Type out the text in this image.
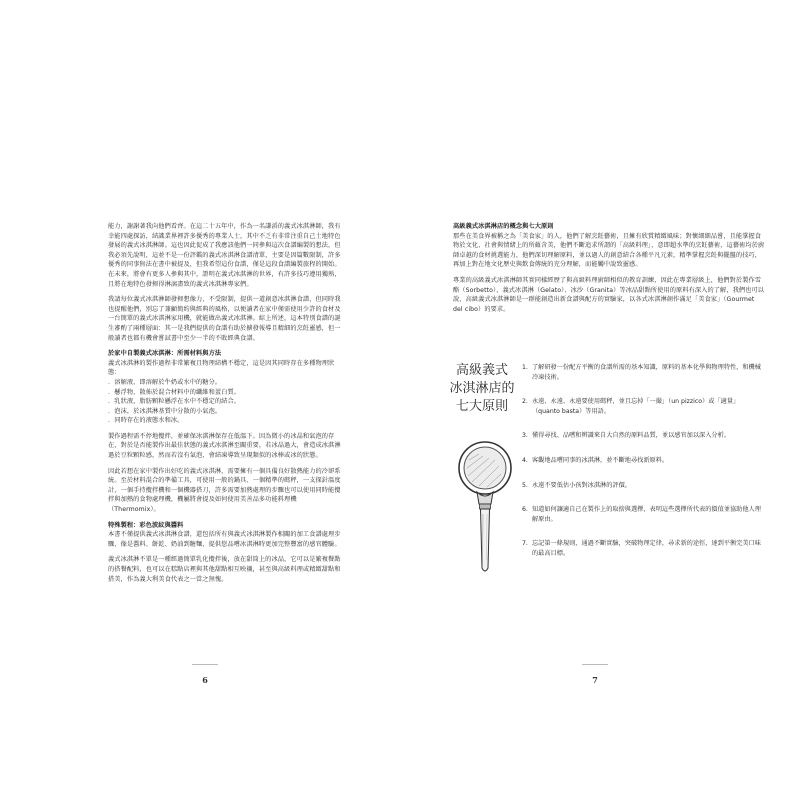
能力，謝謝著我向他們看齊。在這二十五年中，作為一名謙滔的義式冰淇淋師，我有幸能四處探訪，結識業界裡許多優秀的專業人士，其中不乏有非常注重自己土地特色發展的義式冰淇淋師。這也因此促成了我應該他們一同參與這次食譜編製的想法，但我必須先說明，這並不是一份評鑑的義式冰淇淋食譜清單，主要是因篇數限制，許多優秀的同事無法在書中被提及，但我希望這份食譜，僅是這段食譜編製旅程的開始。在未來，將會有更多人參與其中，證明在義式冰淇淋的世界，有許多技巧遵用獨熟，且將在地特色發揮得淋漓盡致的義式冰淇淋專家們。

我請每位義式冰淇淋師發揮想像力，不受限制，提供一道創意冰淇淋食譜，但同時我也提醒他們，別忘了兼顧簡約與經典的風格，以便讀者在家中僅需使用少許的食材及一台簡單的義式冰淇淋家用機，就能做出義式冰淇淋。綜上所述，這本特別食譜的誕生審酌了兩種層面：其一是我們提供的食譜有助於擴發報導且精細的烹飪靈感，但一般讀者也都有機會嘗試書中至少一半的不敗經典食譜。

於家中自製義式冰淇淋：所需材料與方法
義式冰淇淋的製作過程非常繁複且物理結構不穩定，這是因其同時存在多種物理狀態：
．溶解液，即溶解於牛奶或水中的糖分。
．懸浮物，散佈於混合材料中的纖維和蛋白質。
．乳狀液，脂肪顆粒懸浮在水中不穩定的結合。
．泡沫，於冰淇淋基質中分散的小氣泡。
．同時存在的液態水和冰。

製作過程需不停地攪拌，並確保冰淇淋保存在低溫下。因為微小的冰晶和氣泡的存在，對於是否能製作出最佳狀態的義式冰淇淋至關重要，若冰晶過大，會造成冰淇淋過於豆粒顆粒感，然而若沒有氣泡，會結凍導致呈現類似的冰棒或冰的狀態。

因此若想在家中製作出好吃的義式冰淇淋，需要擁有一個具備良好散熱能力的冷卻系統。至於材料混合的準備工具，可使用一般的鍋具、一個精準的碼秤，一支探針溫度計，一個手持攪拌機和一個機器搭刀，許多需要加熱處理的步驟也可以使用同時能攪拌與加熱的食物處理機，機屬將會提及如何使用美善品多功能料理機（Thermomix）。

特殊製程：彩色波紋與醬料

本書不僅提供義式冰淇淋食譜，還包括所有與義式冰淇淋製作相關的加工食譜處理步驟，像是醬料、餅乾、奶油到糖麵，提供您品嚐冰淇淋時更加完整豐富的感官體驗。

義式冰淇淋不單是一種經過簡單乳化攪拌後，放在甜筒上的冰品，它可以是繁複餐點的搭餐配料，也可以在糕點店裡與其他甜點相互映襯，甚至與高級料理或精緻甜點和搭美，作為義大利美食代表之一當之無愧。

6
高級義式冰淇淋店的概念與七大原則

那些在美食界被稱之為「美食家」的人，他們了解烹飪藝術，且擁有欣賞精緻風味；對懷細細品嘗，且能掌握食物於文化、社會與情緒上的所蘊含美，他們不斷追求所謂的「高級料理」，意即超水準的烹飪藝術，這藝術均於廚師卓越的食材挑選能力，他們深切理解原料，並以過人的創意結合各種平凡元素，精準掌握烹飪與擺盤的技巧，再加上對在地文化歷史與飲食傳統的充分理解，而能觸中說致靈感。

專業的高級義式冰淇淋師其實同樣經歷了與高級料理廚師相似的教育訓練，因此在專業層級上，他們對於製作雪酪（Sorbetto）、義式冰淇淋（Gelato）、冰沙（Granita）等冰品甜點所使用的原料有深入的了解，我們也可以說，高級義式冰淇淋師是一群能創造出新食譜與配方的實驗家，以各式冰淇淋創作滿足「美食家」（Gourmet del cibo）的要求。

高級義式
冰淇淋店的
七大原則
1. 了解研發一份配方平衡的食譜所需的基本知識，原料的基本化學與物理特性，和機械冷凍技術。
2. 永遠、永遠、永遠要使用碼秤，並且忘掉「一撮」（un pizzico）或「適量」（quanto basta）等用語。
3. 懂得尋找、品嚐和辨識來自大自然的原料品質，並以感官加以深入分析。
4. 客觀地品嚐同事的冰淇淋，並不斷地尋找新原料。
5. 永遠不要低估小孩對冰淇淋的評價。
6. 知道如何讓適自己在製作上的取捨與選擇，表明這些選擇所代表的價值並協助他人理解原由。
7. 忘記第一條規則，通過不斷實驗，突破物理定律，尋求新的途徑，達到平衡完美口味的最高目標。
7
